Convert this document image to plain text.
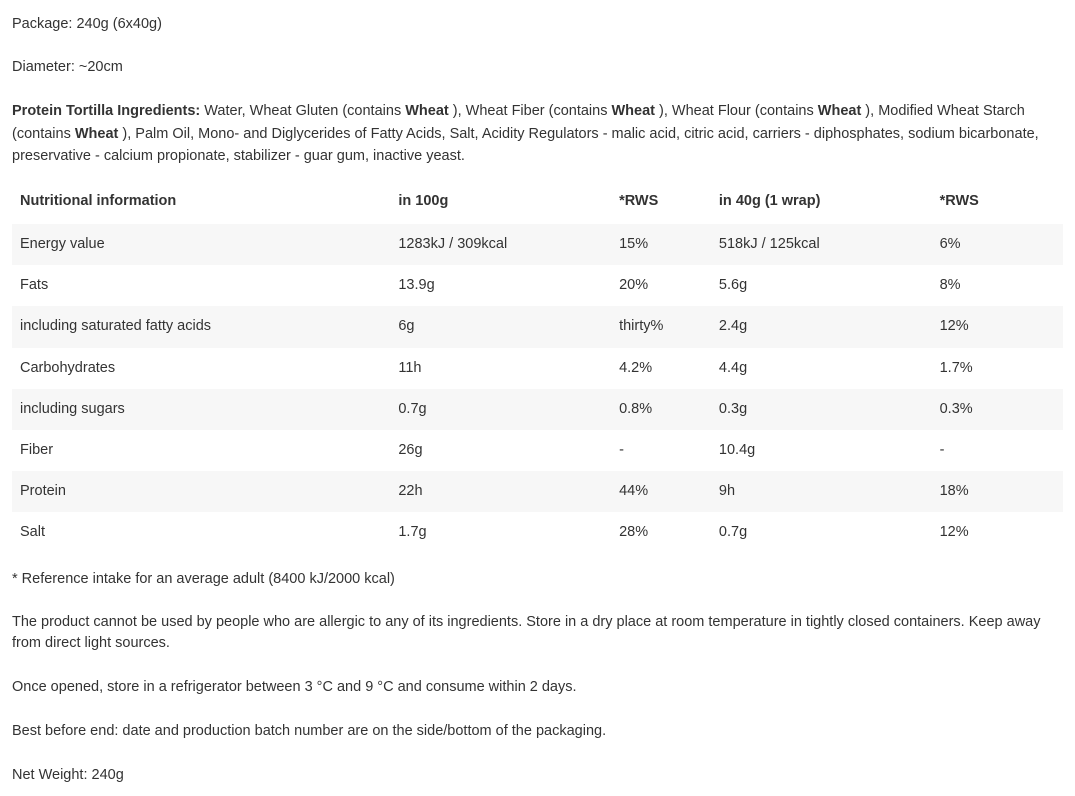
Package: 240g (6x40g)
Diameter: ~20cm
Protein Tortilla Ingredients: Water, Wheat Gluten (contains Wheat ), Wheat Fiber (contains Wheat ), Wheat Flour (contains Wheat ), Modified Wheat Starch (contains Wheat ), Palm Oil, Mono- and Diglycerides of Fatty Acids, Salt, Acidity Regulators - malic acid, citric acid, carriers - diphosphates, sodium bicarbonate, preservative - calcium propionate, stabilizer - guar gum, inactive yeast.
Nutritional information	in 100g	*RWS	in 40g (1 wrap)	*RWS
Energy value	1283kJ / 309kcal	15%	518kJ / 125kcal	6%
Fats	13.9g	20%	5.6g	8%
including saturated fatty acids	6g	thirty%	2.4g	12%
Carbohydrates	11h	4.2%	4.4g	1.7%
including sugars	0.7g	0.8%	0.3g	0.3%
Fiber	26g	-	10.4g	-
Protein	22h	44%	9h	18%
Salt	1.7g	28%	0.7g	12%
* Reference intake for an average adult (8400 kJ/2000 kcal)
The product cannot be used by people who are allergic to any of its ingredients. Store in a dry place at room temperature in tightly closed containers. Keep away from direct light sources.
Once opened, store in a refrigerator between 3 °C and 9 °C and consume within 2 days.
Best before end: date and production batch number are on the side/bottom of the packaging.
Net Weight: 240g
